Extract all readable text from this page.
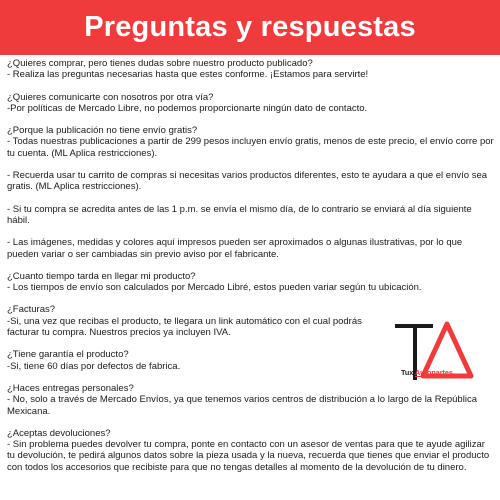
Preguntas y respuestas

¿Quieres comprar, pero tienes dudas sobre nuestro producto publicado?

- Realiza las preguntas necesarias hasta que estes conforme. ¡Estamos para servirte!

¿Quieres comunicarte con nosotros por otra vía?

-Por políticas de Mercado Libre, no podemos proporcionarte ningún dato de contacto.

¿Porque la publicación no tiene envío gratis?

- Todas nuestras publicaciones a partir de 299 pesos incluyen envío gratis, menos de este precio, el envío corre por tu cuenta. (ML Aplica restricciones).

- Recuerda usar tu carrito de compras si necesitas varios productos diferentes, esto te ayudara a que el envío sea gratis. (ML Aplica restricciones).

- Si tu compra se acredita antes de las 1 p.m. se envía el mismo día, de lo contrario se enviará al día siguiente hábil.

- Las imágenes, medidas y colores aquí impresos pueden ser aproximados o algunas ilustrativas, por lo que pueden variar o ser cambiadas sin previo aviso por el fabricante.

¿Cuanto tiempo tarda en llegar mi producto?

- Los tiempos de envío son calculados por Mercado Libré, estos pueden variar según tu ubicación.

¿Facturas?

-Si, una vez que recibas el producto, te llegara un link automático con el cual podrás facturar tu compra. Nuestros precios ya incluyen IVA.

¿Tiene garantía el producto?

-Si, tiene 60 días por defectos de fabrica.

¿Haces entregas personales?

- No, solo a través de Mercado Envíos, ya que tenemos varios centros de distribución a lo largo de la República Mexicana.

¿Aceptas devoluciones?

- Sin problema puedes devolver tu compra, ponte en contacto con un asesor de ventas para que te ayude agilizar tu devolución, te pedirá algunos datos sobre la pieza usada y la nueva, recuerda que tienes que enviar el producto con todos los accesorios que recibiste para que no tengas detalles al momento de la devolución de tu dinero.

Tux Autopartes
